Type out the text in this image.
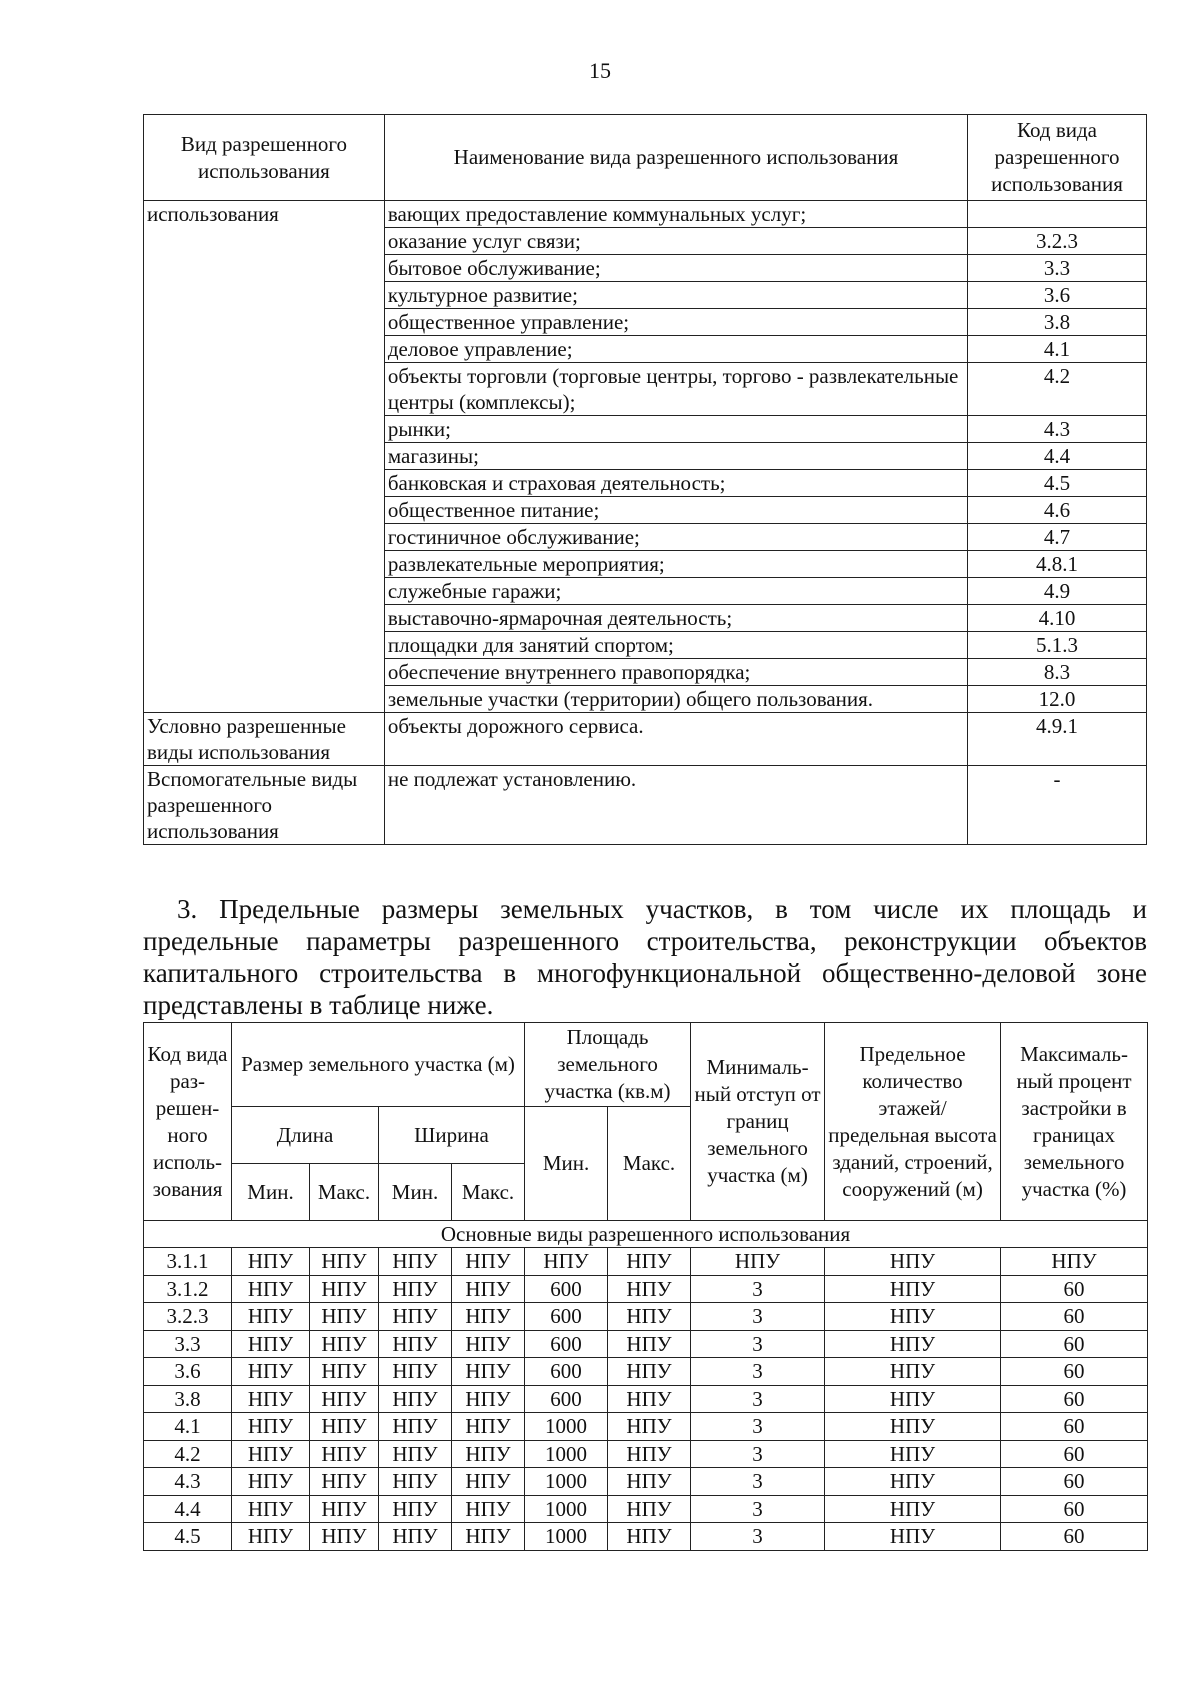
15
Вид разрешенного использования	Наименование вида разрешенного использования	Код вида разрешенного использования
использования	вающих предоставление коммунальных услуг;	
	оказание услуг связи;	3.2.3
	бытовое обслуживание;	3.3
	культурное развитие;	3.6
	общественное управление;	3.8
	деловое управление;	4.1
	объекты торговли (торговые центры, торгово - развлекательные центры (комплексы);	4.2
	рынки;	4.3
	магазины;	4.4
	банковская и страховая деятельность;	4.5
	общественное питание;	4.6
	гостиничное обслуживание;	4.7
	развлекательные мероприятия;	4.8.1
	служебные гаражи;	4.9
	выставочно-ярмарочная деятельность;	4.10
	площадки для занятий спортом;	5.1.3
	обеспечение внутреннего правопорядка;	8.3
	земельные участки (территории) общего пользования.	12.0
Условно разрешенные виды использования	объекты дорожного сервиса.	4.9.1
Вспомогательные виды разрешенного использования	не подлежат установлению.	-
3. Предельные размеры земельных участков, в том числе их площадь и
предельные параметры разрешенного строительства, реконструкции объектов
капитального строительства в многофункциональной общественно-деловой зоне
представлены в таблице ниже.
Код вида раз-решен-ного исполь-зования	Размер земельного участка (м)				Площадь земельного участка (кв.м)		Минималь-ный отступ от границ земельного участка (м)	Предельное количество этажей/ предельная высота зданий, строений, сооружений (м)	Максималь-ный процент застройки в границах земельного участка (%)
	Длина		Ширина		Мин.	Макс.			
	Мин.	Макс.	Мин.	Макс.					
Основные виды разрешенного использования									
3.1.1	НПУ	НПУ	НПУ	НПУ	НПУ	НПУ	НПУ	НПУ	НПУ
3.1.2	НПУ	НПУ	НПУ	НПУ	600	НПУ	3	НПУ	60
3.2.3	НПУ	НПУ	НПУ	НПУ	600	НПУ	3	НПУ	60
3.3	НПУ	НПУ	НПУ	НПУ	600	НПУ	3	НПУ	60
3.6	НПУ	НПУ	НПУ	НПУ	600	НПУ	3	НПУ	60
3.8	НПУ	НПУ	НПУ	НПУ	600	НПУ	3	НПУ	60
4.1	НПУ	НПУ	НПУ	НПУ	1000	НПУ	3	НПУ	60
4.2	НПУ	НПУ	НПУ	НПУ	1000	НПУ	3	НПУ	60
4.3	НПУ	НПУ	НПУ	НПУ	1000	НПУ	3	НПУ	60
4.4	НПУ	НПУ	НПУ	НПУ	1000	НПУ	3	НПУ	60
4.5	НПУ	НПУ	НПУ	НПУ	1000	НПУ	3	НПУ	60
